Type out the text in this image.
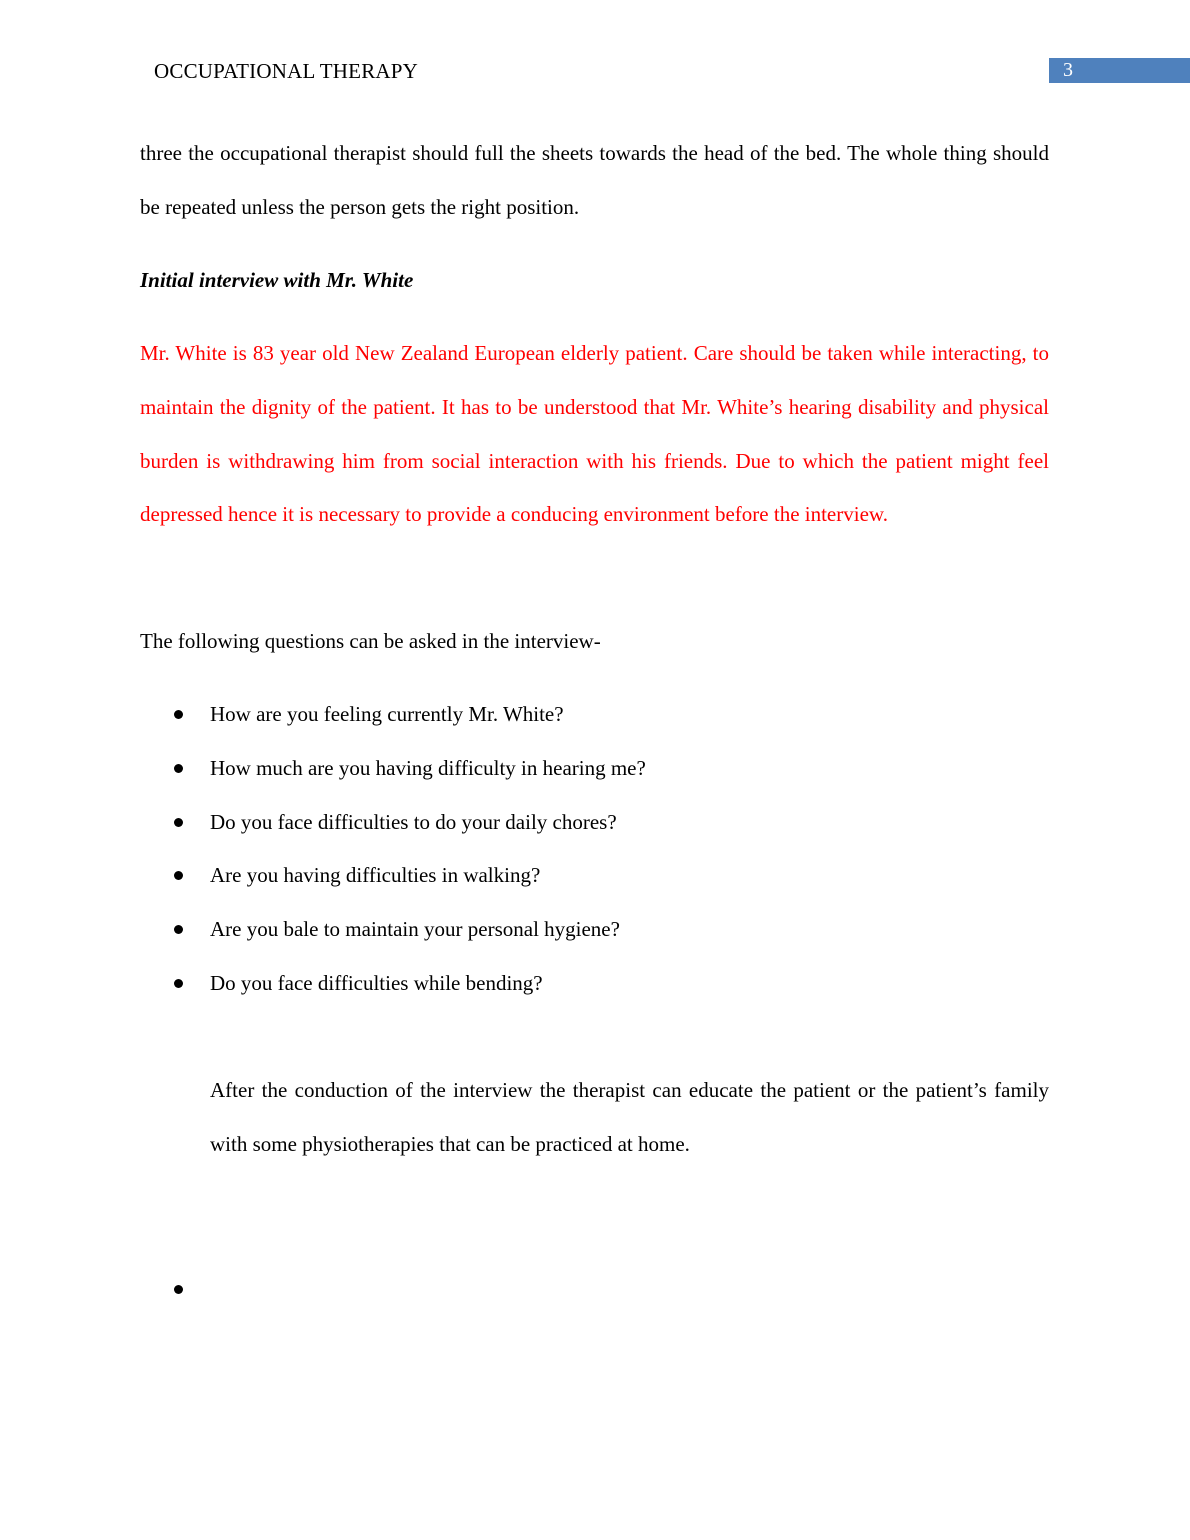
OCCUPATIONAL THERAPY	3

three the occupational therapist should full the sheets towards the head of the bed. The whole thing should be repeated unless the person gets the right position.

Initial interview with Mr. White

Mr. White is 83 year old New Zealand European elderly patient. Care should be taken while interacting, to maintain the dignity of the patient. It has to be understood that Mr. White’s hearing disability and physical burden is withdrawing him from social interaction with his friends. Due to which the patient might feel depressed hence it is necessary to provide a conducing environment before the interview.

The following questions can be asked in the interview-

How are you feeling currently Mr. White?
How much are you having difficulty in hearing me?
Do you face difficulties to do your daily chores?
Are you having difficulties in walking?
Are you bale to maintain your personal hygiene?
Do you face difficulties while bending?

After the conduction of the interview the therapist can educate the patient or the patient’s family with some physiotherapies that can be practiced at home.
